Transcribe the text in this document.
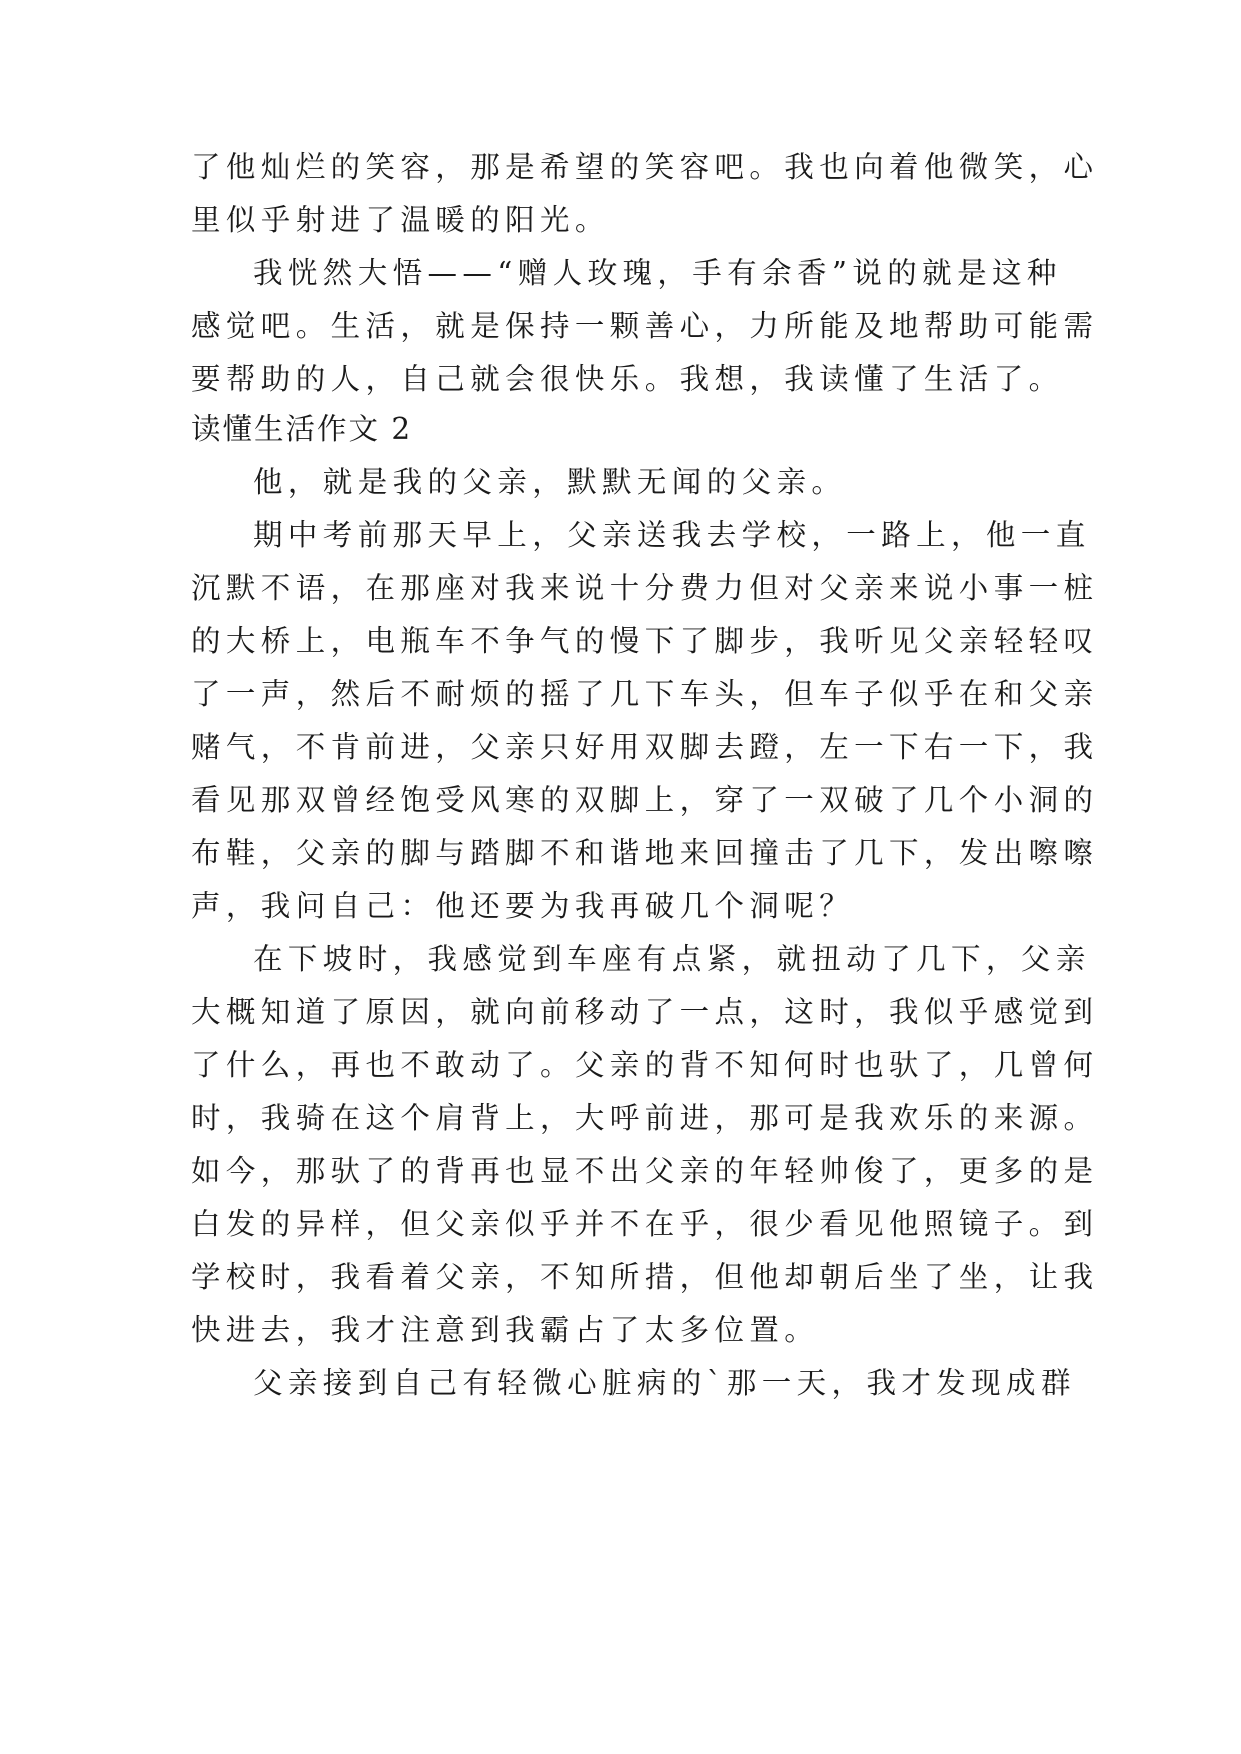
了他灿烂的笑容，那是希望的笑容吧。我也向着他微笑，心
里似乎射进了温暖的阳光。
我恍然大悟——“赠人玫瑰，手有余香”说的就是这种
感觉吧。生活，就是保持一颗善心，力所能及地帮助可能需
要帮助的人，自己就会很快乐。我想，我读懂了生活了。
读懂生活作文 2
他，就是我的父亲，默默无闻的父亲。
期中考前那天早上，父亲送我去学校，一路上，他一直
沉默不语，在那座对我来说十分费力但对父亲来说小事一桩
的大桥上，电瓶车不争气的慢下了脚步，我听见父亲轻轻叹
了一声，然后不耐烦的摇了几下车头，但车子似乎在和父亲
赌气，不肯前进，父亲只好用双脚去蹬，左一下右一下，我
看见那双曾经饱受风寒的双脚上，穿了一双破了几个小洞的
布鞋，父亲的脚与踏脚不和谐地来回撞击了几下，发出嚓嚓
声，我问自己：他还要为我再破几个洞呢？
在下坡时，我感觉到车座有点紧，就扭动了几下，父亲
大概知道了原因，就向前移动了一点，这时，我似乎感觉到
了什么，再也不敢动了。父亲的背不知何时也驮了，几曾何
时，我骑在这个肩背上，大呼前进，那可是我欢乐的来源。
如今，那驮了的背再也显不出父亲的年轻帅俊了，更多的是
白发的异样，但父亲似乎并不在乎，很少看见他照镜子。到
学校时，我看着父亲，不知所措，但他却朝后坐了坐，让我
快进去，我才注意到我霸占了太多位置。
父亲接到自己有轻微心脏病的`那一天，我才发现成群
